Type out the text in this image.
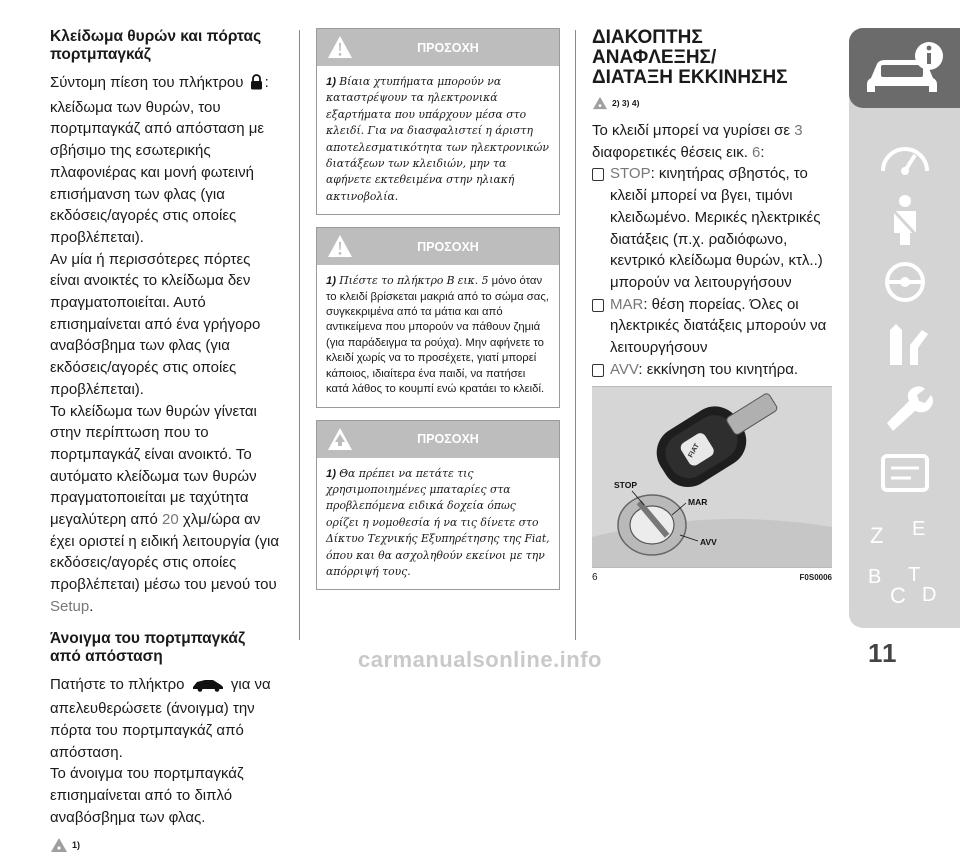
Κλείδωμα θυρών και πόρτας πορτμπαγκάζ

Σύντομη πίεση του πλήκτρου : κλείδωμα των θυρών, του πορτμπαγκάζ από απόσταση με σβήσιμο της εσωτερικής πλαφονιέρας και μονή φωτεινή επισήμανση των φλας (για εκδόσεις/αγορές στις οποίες προβλέπεται).

Αν μία ή περισσότερες πόρτες είναι ανοικτές το κλείδωμα δεν πραγματοποιείται. Αυτό επισημαίνεται από ένα γρήγορο αναβόσβημα των φλας (για εκδόσεις/αγορές στις οποίες προβλέπεται).

Το κλείδωμα των θυρών γίνεται στην περίπτωση που το πορτμπαγκάζ είναι ανοικτό. Το αυτόματο κλείδωμα των θυρών πραγματοποιείται με ταχύτητα μεγαλύτερη από 20 χλμ/ώρα αν έχει οριστεί η ειδική λειτουργία (για εκδόσεις/αγορές στις οποίες προβλέπεται) μέσω του μενού του Setup.

Άνοιγμα του πορτμπαγκάζ από απόσταση

Πατήστε το πλήκτρο	για να απελευθερώσετε (άνοιγμα) την πόρτα του πορτμπαγκάζ από απόσταση.

Το άνοιγμα του πορτμπαγκάζ επισημαίνεται από το διπλό αναβόσβημα των φλας.

1)
ΠΡΟΣΟΧΗ
1) Βίαια χτυπήματα μπορούν να καταστρέψουν τα ηλεκτρονικά εξαρτήματα που υπάρχουν μέσα στο κλειδί. Για να διασφαλιστεί η άριστη αποτελεσματικότητα των ηλεκτρονικών διατάξεων των κλειδιών, μην τα αφήνετε εκτεθειμένα στην ηλιακή ακτινοβολία.
ΠΡΟΣΟΧΗ
1) Πιέστε το πλήκτρο B εικ. 5 μόνο όταν το κλειδί βρίσκεται μακριά από το σώμα σας, συγκεκριμένα από τα μάτια και από αντικείμενα που μπορούν να πάθουν ζημιά (για παράδειγμα τα ρούχα). Μην αφήνετε το κλειδί χωρίς να το προσέχετε, γιατί μπορεί κάποιος, ιδιαίτερα ένα παιδί, να πατήσει κατά λάθος το κουμπί ενώ κρατάει το κλειδί.
ΠΡΟΣΟΧΗ
1) Θα πρέπει να πετάτε τις χρησιμοποιημένες μπαταρίες στα προβλεπόμενα ειδικά δοχεία όπως ορίζει η νομοθεσία ή να τις δίνετε στο Δίκτυο Τεχνικής Εξυπηρέτησης της Fiat, όπου και θα ασχοληθούν εκείνοι με την απόρριψή τους.
ΔΙΑΚΟΠΤΗΣ ΑΝΑΦΛΕΞΗΣ/ΔΙΑΤΑΞΗ ΕΚΚΙΝΗΣΗΣ
2) 3) 4)

Το κλειδί μπορεί να γυρίσει σε 3 διαφορετικές θέσεις εικ. 6:

STOP: κινητήρας σβηστός, το κλειδί μπορεί να βγει, τιμόνι κλειδωμένο. Μερικές ηλεκτρικές διατάξεις (π.χ. ραδιόφωνο, κεντρικό κλείδωμα θυρών, κτλ..) μπορούν να λειτουργήσουν

MAR: θέση πορείας. Όλες οι ηλεκτρικές διατάξεις μπορούν να λειτουργήσουν

AVV: εκκίνηση του κινητήρα.

FIAT
STOP
MAR
AVV
6	F0S0006
Z E
B
C
T
D
11
carmanualsonline.info
